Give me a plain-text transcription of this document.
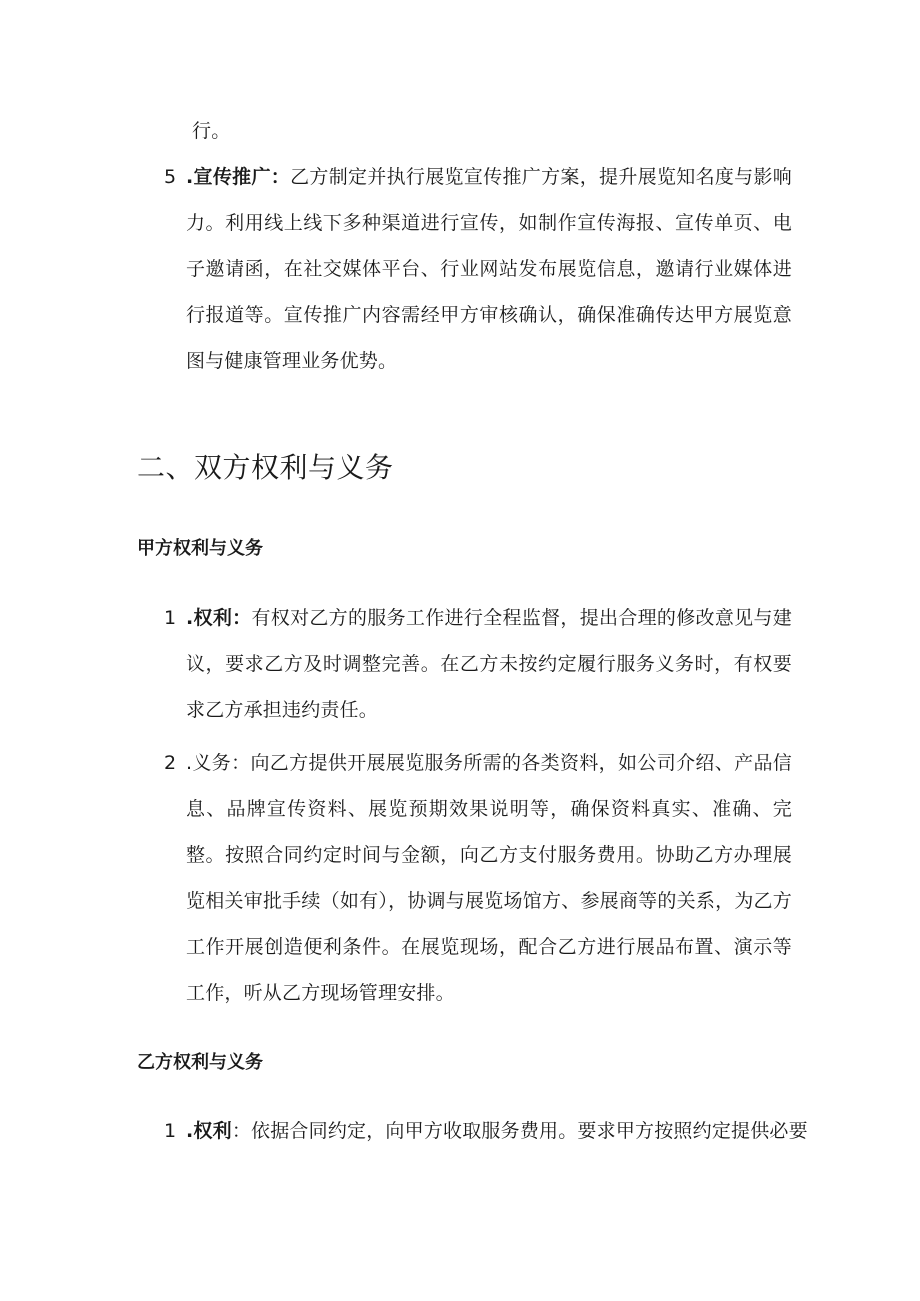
行。
5 .宣传推广：乙方制定并执行展览宣传推广方案，提升展览知名度与影响力。利用线上线下多种渠道进行宣传，如制作宣传海报、宣传单页、电子邀请函，在社交媒体平台、行业网站发布展览信息，邀请行业媒体进行报道等。宣传推广内容需经甲方审核确认，确保准确传达甲方展览意图与健康管理业务优势。
二、双方权利与义务
甲方权利与义务
1 .权利：有权对乙方的服务工作进行全程监督，提出合理的修改意见与建议，要求乙方及时调整完善。在乙方未按约定履行服务义务时，有权要求乙方承担违约责任。
2 .义务：向乙方提供开展展览服务所需的各类资料，如公司介绍、产品信息、品牌宣传资料、展览预期效果说明等，确保资料真实、准确、完整。按照合同约定时间与金额，向乙方支付服务费用。协助乙方办理展览相关审批手续（如有），协调与展览场馆方、参展商等的关系，为乙方工作开展创造便利条件。在展览现场，配合乙方进行展品布置、演示等工作，听从乙方现场管理安排。
乙方权利与义务
1 .权利：依据合同约定，向甲方收取服务费用。要求甲方按照约定提供必要
